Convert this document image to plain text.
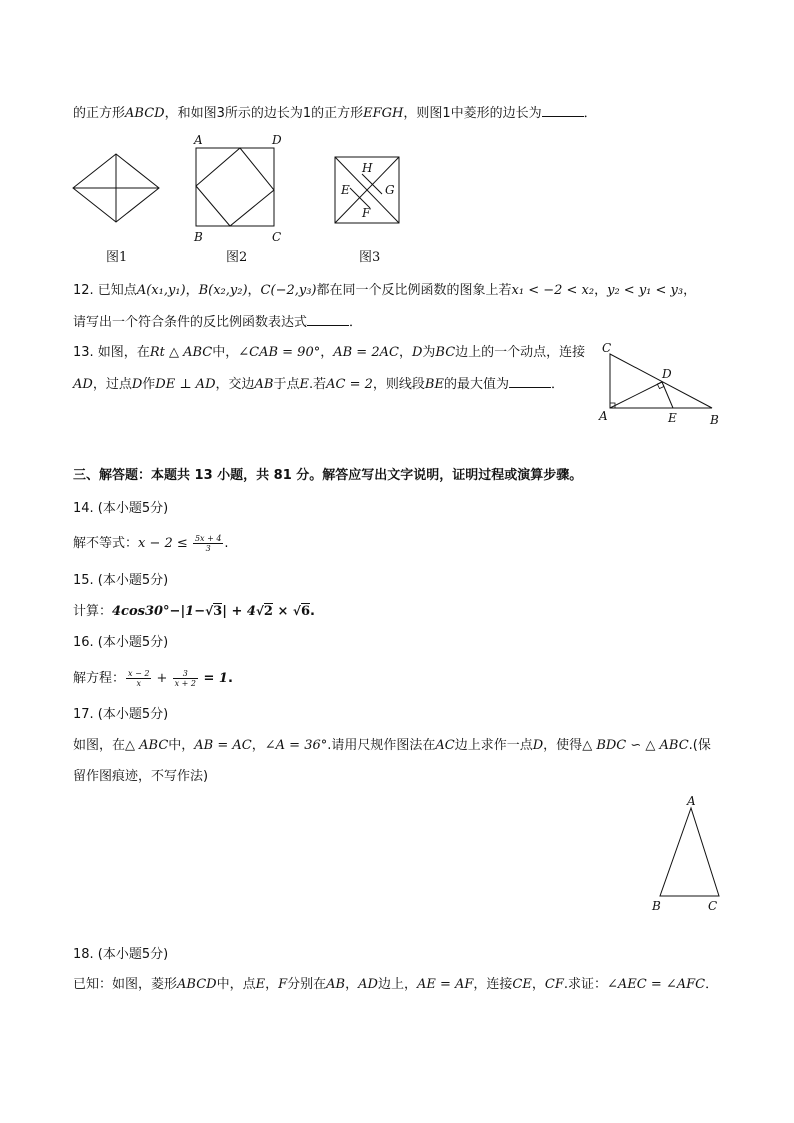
的正方形ABCD，和如图3所示的边长为1的正方形EFGH，则图1中菱形的边长为	．
图1
A	D
B	C
图2
H
E	G
F
图3
12. 已知点A(x₁,y₁)，B(x₂,y₂)，C(−2,y₃)都在同一个反比例函数的图象上若x₁ < −2 < x₂，y₂ < y₁ < y₃，
请写出一个符合条件的反比例函数表达式	．
13. 如图，在Rt △ ABC中，∠CAB = 90°，AB = 2AC，D为BC边上的一个动点，连接
AD，过点D作DE ⊥ AD，交边AB于点E.若AC = 2，则线段BE的最大值为	．
C
D
A	E	B
三、解答题：本题共 13 小题，共 81 分。解答应写出文字说明，证明过程或演算步骤。
14. (本小题5分)
解不等式：$x - 2 \le \frac{5x + 4}{3}$ .
15. (本小题5分)
计算：4cos30°−|1−√3| + 4√2 × √6.
16. (本小题5分)
解方程： $\frac{x - 2}{x} + \frac{3}{x + 2} = 1$.
17. (本小题5分)
如图，在△ ABC中，AB = AC，∠A = 36°.请用尺规作图法在AC边上求作一点D，使得△ BDC ∽ △ ABC.(保
留作图痕迹，不写作法)
A
B	C
18. (本小题5分)
已知：如图，菱形ABCD中，点E，F分别在AB，AD边上，AE = AF，连接CE，CF.求证：∠AEC = ∠AFC．
